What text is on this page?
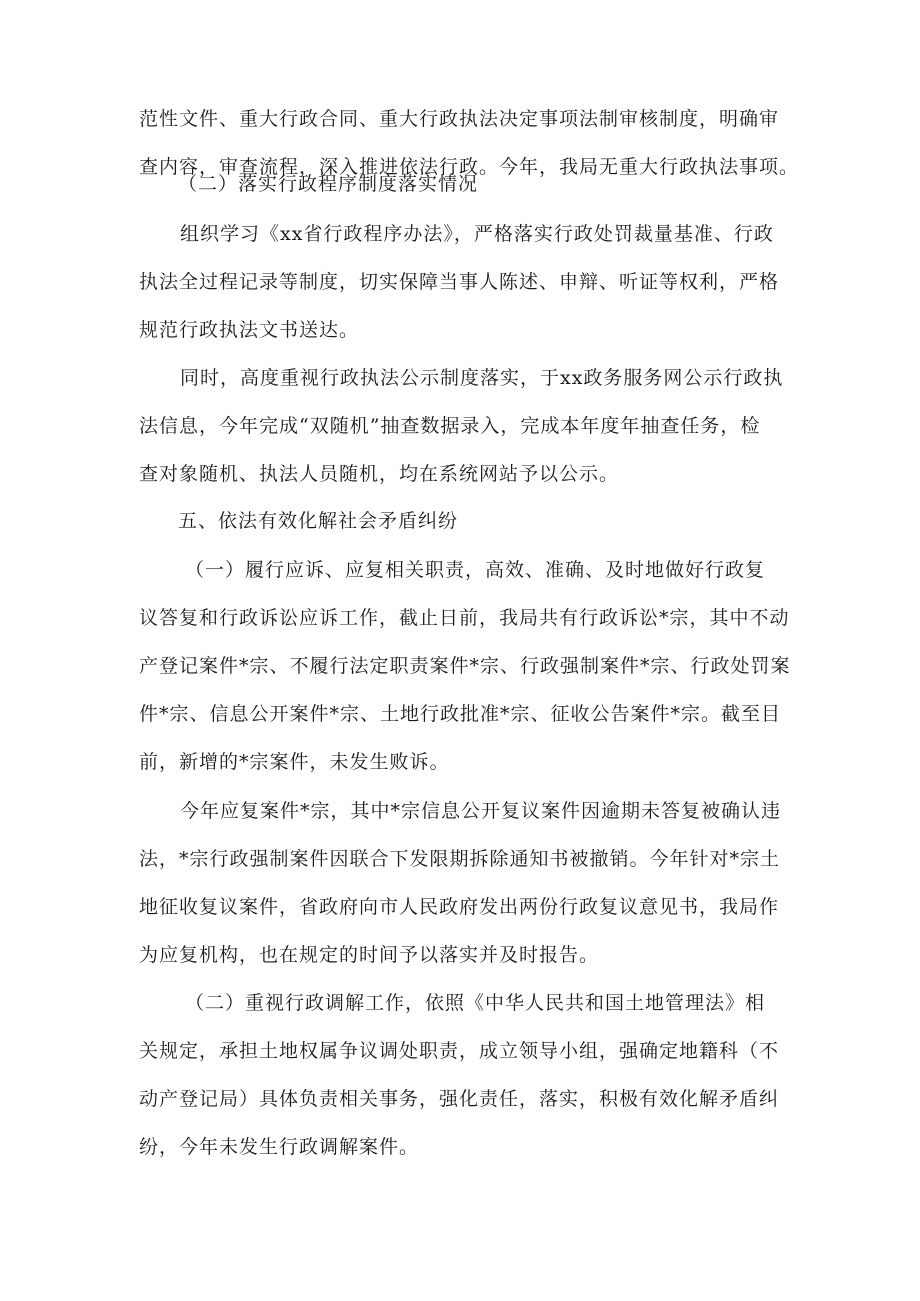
范性文件、重大行政合同、重大行政执法决定事项法制审核制度，明确审
查内容，审查流程，深入推进依法行政。今年，我局无重大行政执法事项。
（二）落实行政程序制度落实情况
组织学习《xx省行政程序办法》，严格落实行政处罚裁量基准、行政
执法全过程记录等制度，切实保障当事人陈述、申辩、听证等权利，严格
规范行政执法文书送达。
同时，高度重视行政执法公示制度落实，于xx政务服务网公示行政执
法信息，今年完成“双随机”抽查数据录入，完成本年度年抽查任务，检
查对象随机、执法人员随机，均在系统网站予以公示。
五、依法有效化解社会矛盾纠纷
（一）履行应诉、应复相关职责，高效、准确、及时地做好行政复
议答复和行政诉讼应诉工作，截止日前，我局共有行政诉讼*宗，其中不动
产登记案件*宗、不履行法定职责案件*宗、行政强制案件*宗、行政处罚案
件*宗、信息公开案件*宗、土地行政批准*宗、征收公告案件*宗。截至目
前，新增的*宗案件，未发生败诉。
今年应复案件*宗，其中*宗信息公开复议案件因逾期未答复被确认违
法，*宗行政强制案件因联合下发限期拆除通知书被撤销。今年针对*宗土
地征收复议案件，省政府向市人民政府发出两份行政复议意见书，我局作
为应复机构，也在规定的时间予以落实并及时报告。
（二）重视行政调解工作，依照《中华人民共和国土地管理法》相
关规定，承担土地权属争议调处职责，成立领导小组，强确定地籍科（不
动产登记局）具体负责相关事务，强化责任，落实，积极有效化解矛盾纠
纷，今年未发生行政调解案件。
